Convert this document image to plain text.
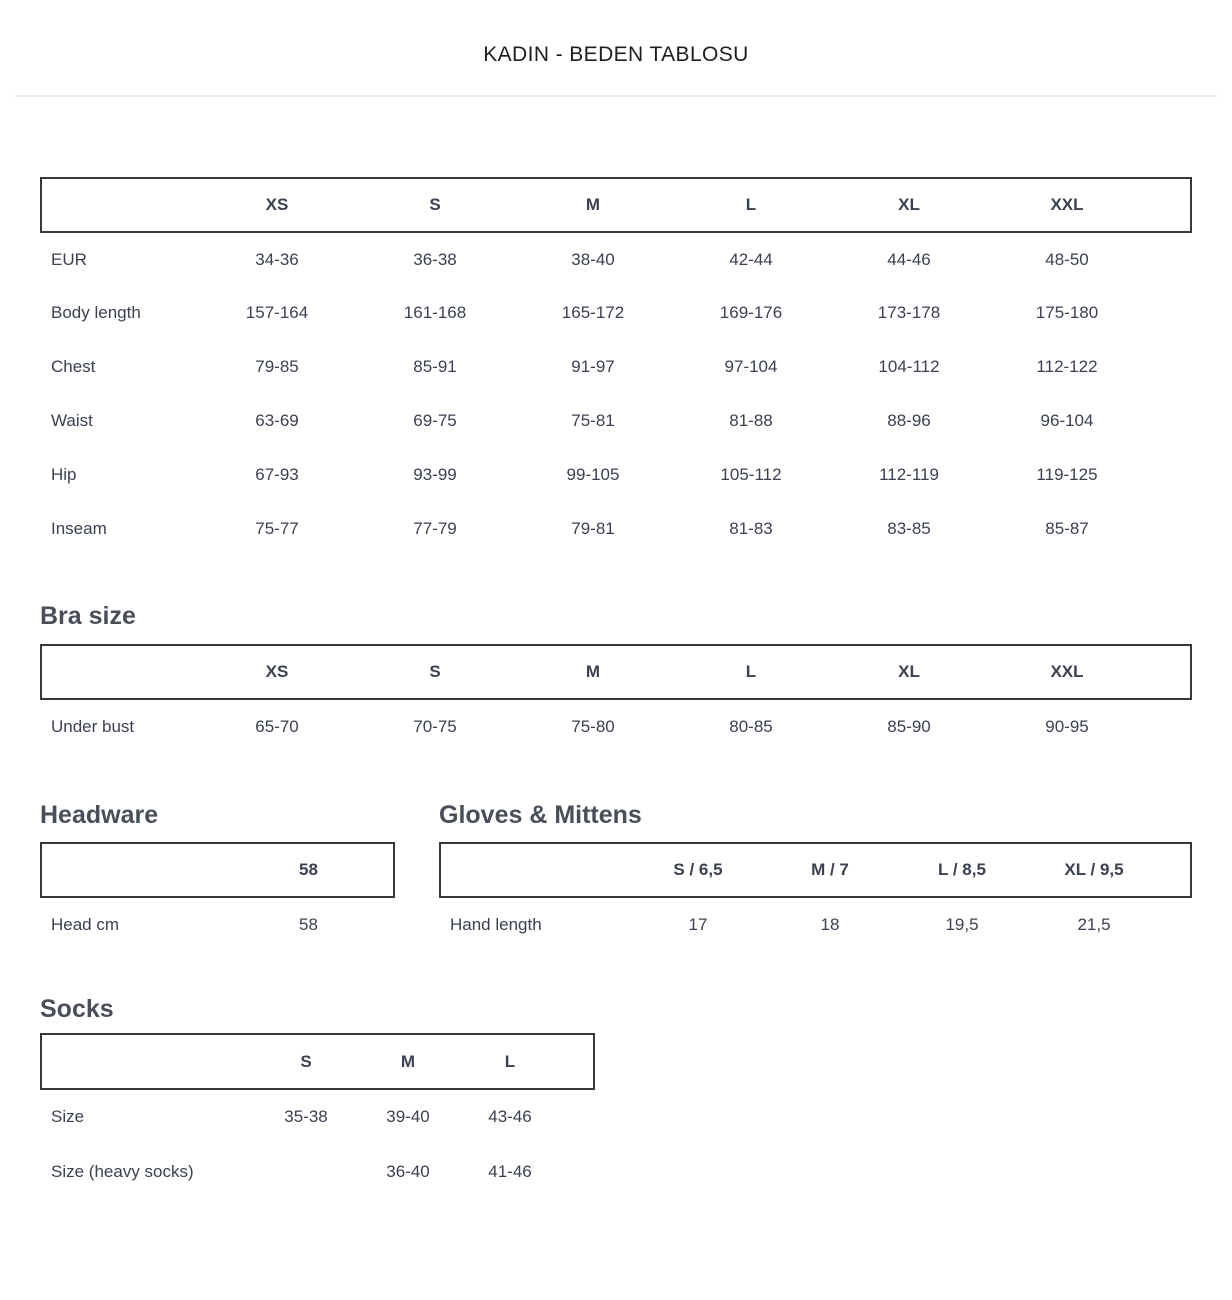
KADIN - BEDEN TABLOSU
	XS	S	M	L	XL	XXL	
EUR	34-36	36-38	38-40	42-44	44-46	48-50	
Body length	157-164	161-168	165-172	169-176	173-178	175-180	
Chest	79-85	85-91	91-97	97-104	104-112	112-122	
Waist	63-69	69-75	75-81	81-88	88-96	96-104	
Hip	67-93	93-99	99-105	105-112	112-119	119-125	
Inseam	75-77	77-79	79-81	81-83	83-85	85-87	
Bra size
	XS	S	M	L	XL	XXL	
Under bust	65-70	70-75	75-80	80-85	85-90	90-95	
Headware
	58	
Head cm	58	
Gloves & Mittens
	S / 6,5	M / 7	L / 8,5	XL / 9,5	
Hand length	17	18	19,5	21,5	
Socks
	S	M	L	
Size	35-38	39-40	43-46	
Size (heavy socks)		36-40	41-46	
